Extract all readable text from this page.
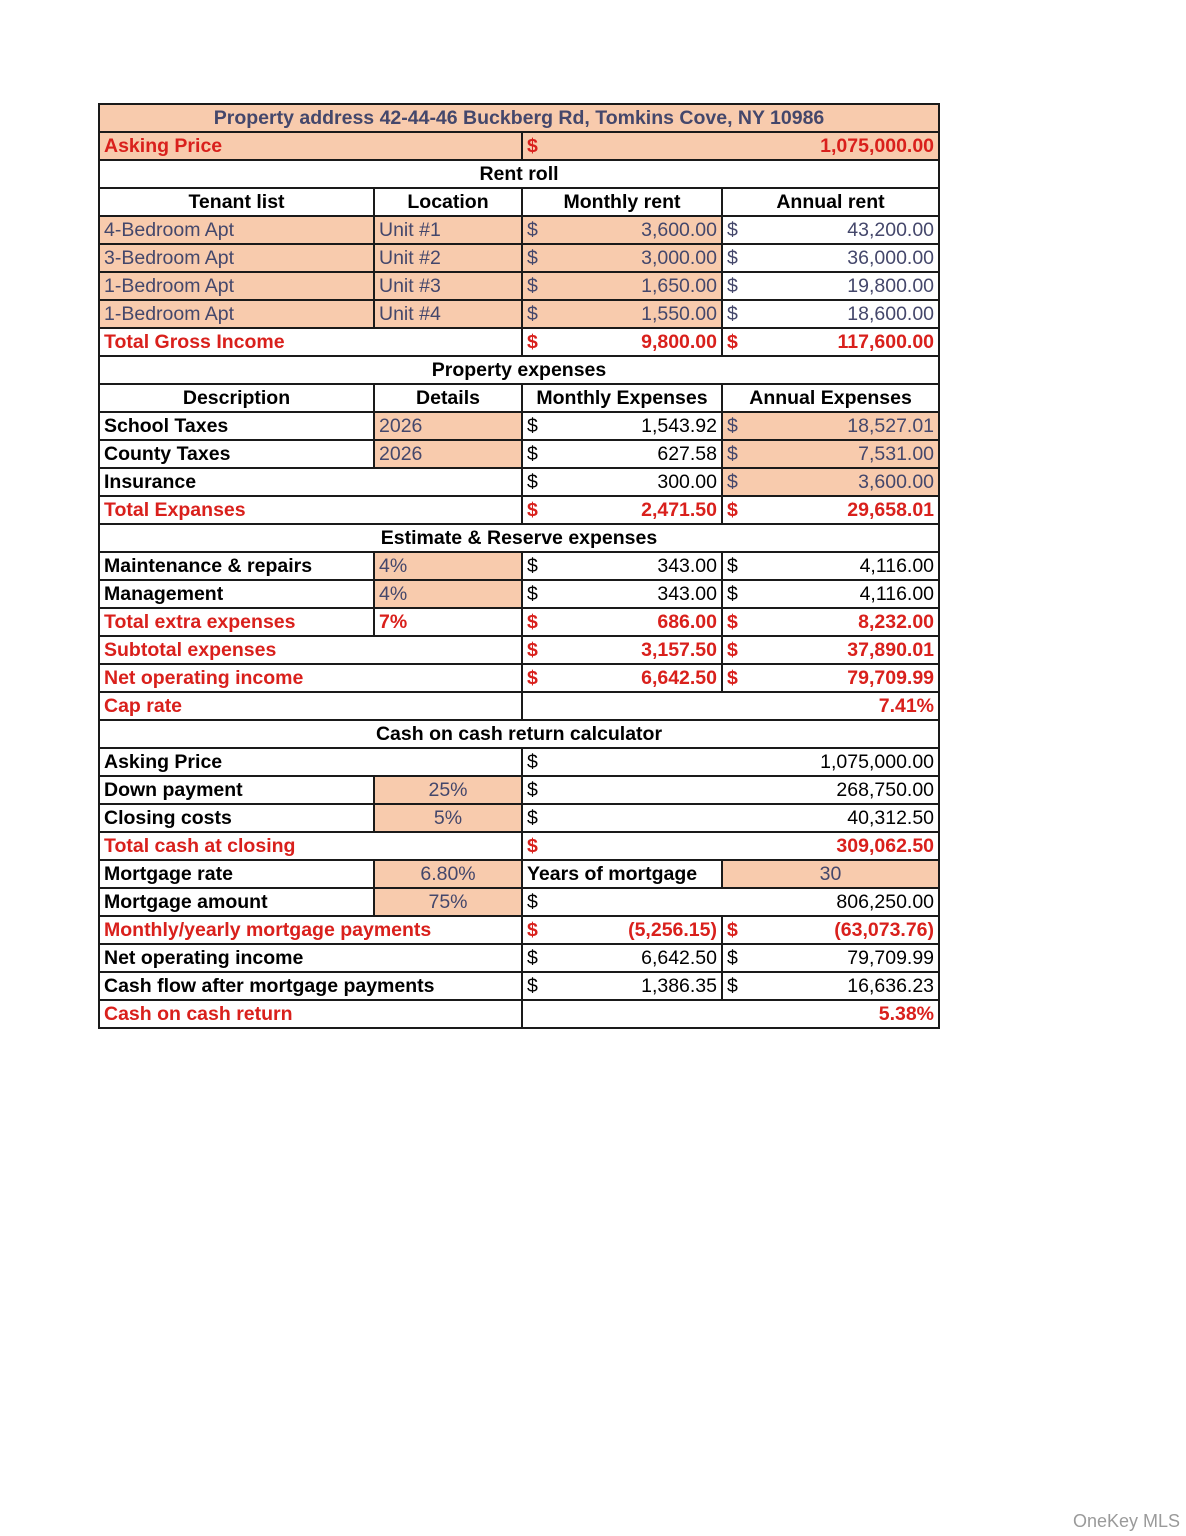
Property address 42-44-46 Buckberg Rd, Tomkins Cove, NY 10986			
Asking Price		$ 1,075,000.00	

Rent roll			
Tenant list	Location	Monthly rent	Annual rent
4-Bedroom Apt	Unit #1	$ 3,600.00	$ 43,200.00

3-Bedroom Apt	Unit #2	$ 3,000.00	$ 36,000.00

1-Bedroom Apt	Unit #3	$ 1,650.00	$ 19,800.00

1-Bedroom Apt	Unit #4	$ 1,550.00	$ 18,600.00

Total Gross Income		$ 9,800.00	$ 117,600.00

Property expenses			
Description	Details	Monthly Expenses	Annual Expenses
School Taxes	2026	$ 1,543.92	$ 18,527.01

County Taxes	2026	$ 627.58	$ 7,531.00

Insurance		$ 300.00	$ 3,600.00

Total Expanses		$ 2,471.50	$ 29,658.01

Estimate & Reserve expenses			
Maintenance & repairs	4%	$ 343.00	$ 4,116.00

Management	4%	$ 343.00	$ 4,116.00

Total extra expenses	7%	$ 686.00	$ 8,232.00

Subtotal expenses		$ 3,157.50	$ 37,890.01

Net operating income		$ 6,642.50	$ 79,709.99

Cap rate		7.41%	
Cash on cash return calculator			
Asking Price		$ 1,075,000.00	

Down payment	25%	$ 268,750.00	

Closing costs	5%	$ 40,312.50	

Total cash at closing		$ 309,062.50	

Mortgage rate	6.80%	Years of mortgage	30
Mortgage amount	75%	$ 806,250.00	

Monthly/yearly mortgage payments		$ (5,256.15)	$ (63,073.76)

Net operating income		$ 6,642.50	$ 79,709.99

Cash flow after mortgage payments		$ 1,386.35	$ 16,636.23

Cash on cash return		5.38%	
OneKey MLS
